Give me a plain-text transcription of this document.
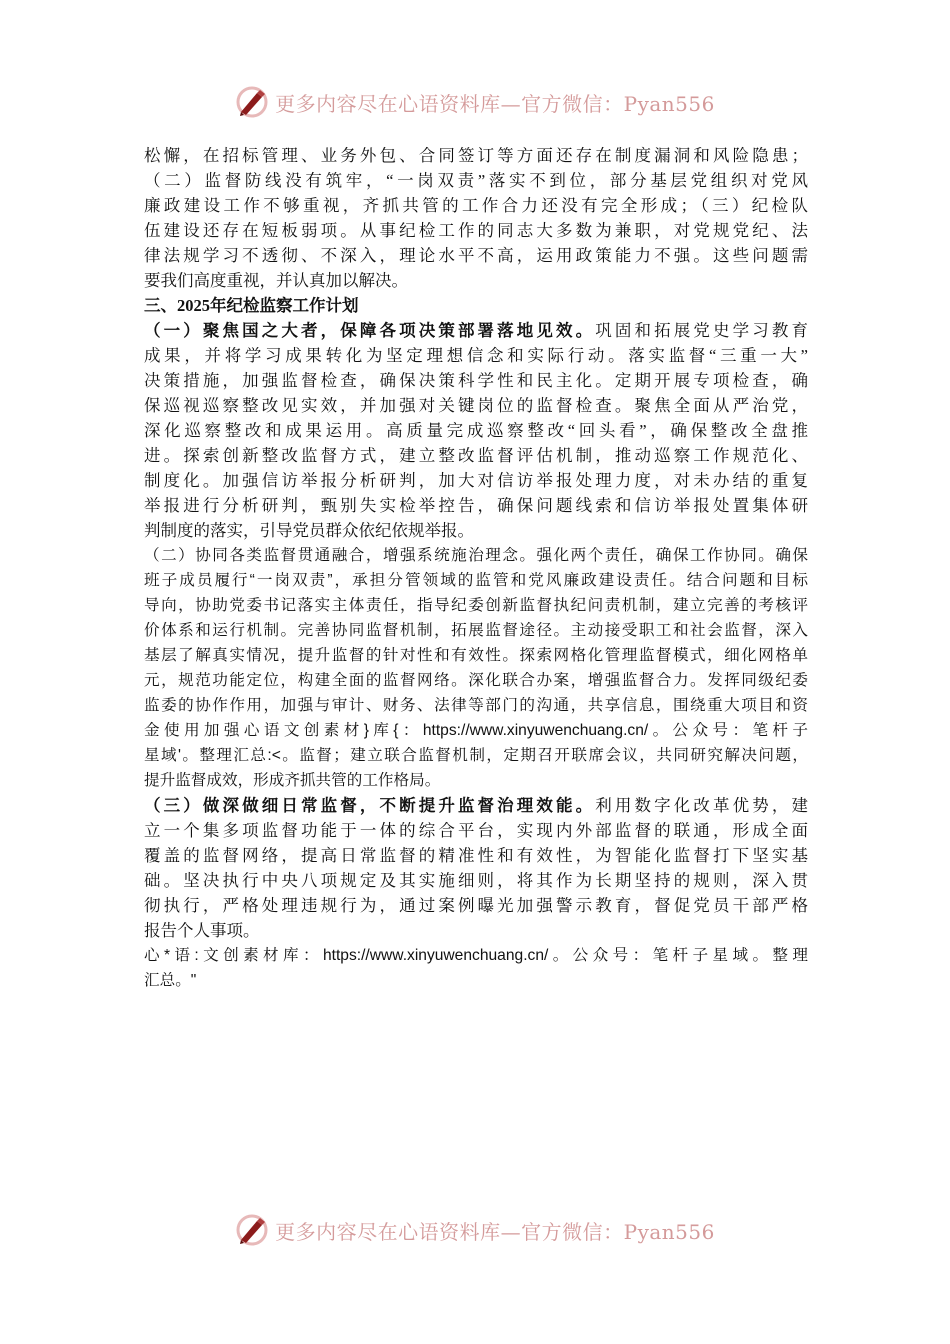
更多内容尽在心语资料库—官方微信：Pyan556
松懈，在招标管理、业务外包、合同签订等方面还存在制度漏洞和风险隐患；
（二）监督防线没有筑牢，“一岗双责”落实不到位，部分基层党组织对党风
廉政建设工作不够重视，齐抓共管的工作合力还没有完全形成；（三）纪检队
伍建设还存在短板弱项。从事纪检工作的同志大多数为兼职，对党规党纪、法
律法规学习不透彻、不深入，理论水平不高，运用政策能力不强。这些问题需
要我们高度重视，并认真加以解决。
三、2025年纪检监察工作计划
（一）聚焦国之大者，保障各项决策部署落地见效。巩固和拓展党史学习教育
成果，并将学习成果转化为坚定理想信念和实际行动。落实监督“三重一大”
决策措施，加强监督检查，确保决策科学性和民主化。定期开展专项检查，确
保巡视巡察整改见实效，并加强对关键岗位的监督检查。聚焦全面从严治党，
深化巡察整改和成果运用。高质量完成巡察整改“回头看”，确保整改全盘推
进。探索创新整改监督方式，建立整改监督评估机制，推动巡察工作规范化、
制度化。加强信访举报分析研判，加大对信访举报处理力度，对未办结的重复
举报进行分析研判，甄别失实检举控告，确保问题线索和信访举报处置集体研
判制度的落实，引导党员群众依纪依规举报。
（二）协同各类监督贯通融合，增强系统施治理念。强化两个责任，确保工作协同。确保
班子成员履行“一岗双责”，承担分管领域的监管和党风廉政建设责任。结合问题和目标
导向，协助党委书记落实主体责任，指导纪委创新监督执纪问责机制，建立完善的考核评
价体系和运行机制。完善协同监督机制，拓展监督途径。主动接受职工和社会监督，深入
基层了解真实情况，提升监督的针对性和有效性。探索网格化管理监督模式，细化网格单
元，规范功能定位，构建全面的监督网络。深化联合办案，增强监督合力。发挥同级纪委
监委的协作作用，加强与审计、财务、法律等部门的沟通，共享信息，围绕重大项目和资
金使用加强心语文创素材}库{：https://www.xinyuwenchuang.cn/。公众号：笔杆子
星域'。整理汇总:<。监督；建立联合监督机制，定期召开联席会议，共同研究解决问题，
提升监督成效，形成齐抓共管的工作格局。
（三）做深做细日常监督，不断提升监督治理效能。利用数字化改革优势，建
立一个集多项监督功能于一体的综合平台，实现内外部监督的联通，形成全面
覆盖的监督网络，提高日常监督的精准性和有效性，为智能化监督打下坚实基
础。坚决执行中央八项规定及其实施细则，将其作为长期坚持的规则，深入贯
彻执行，严格处理违规行为，通过案例曝光加强警示教育，督促党员干部严格
报告个人事项。
心*语:文创素材库：https://www.xinyuwenchuang.cn/。公众号：笔杆子星域。整理
汇总。"
更多内容尽在心语资料库—官方微信：Pyan556
